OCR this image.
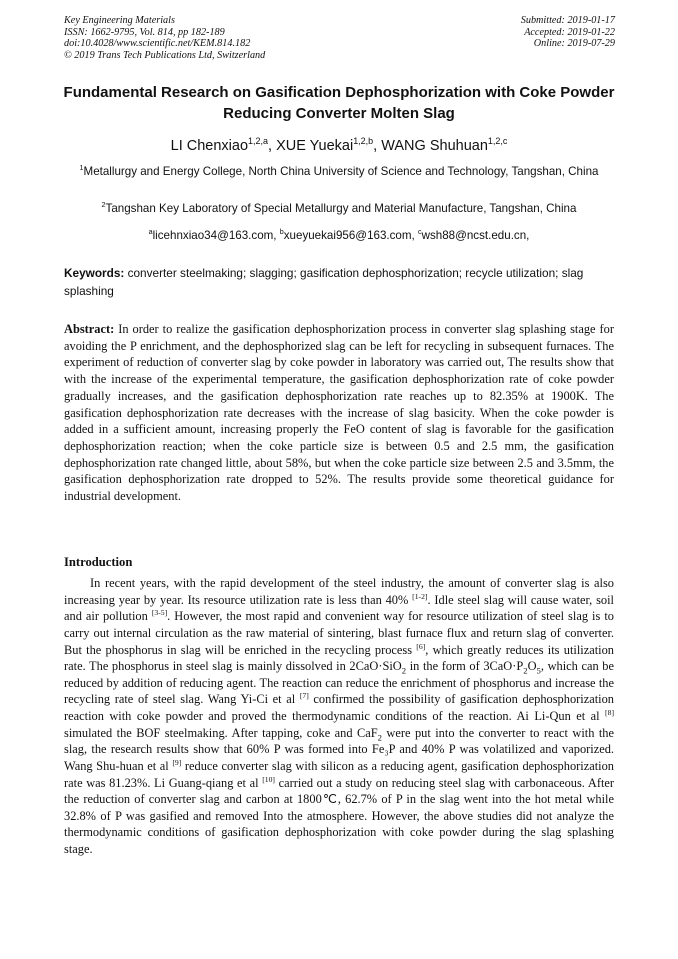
Key Engineering Materials
ISSN: 1662-9795, Vol. 814, pp 182-189
doi:10.4028/www.scientific.net/KEM.814.182
© 2019 Trans Tech Publications Ltd, Switzerland
Submitted: 2019-01-17
Accepted: 2019-01-22
Online: 2019-07-29
Fundamental Research on Gasification Dephosphorization with Coke Powder Reducing Converter Molten Slag
LI Chenxiao$^{1,2,a}$, XUE Yuekai$^{1,2,b}$, WANG Shuhuan$^{1,2,c}$
$^1$Metallurgy and Energy College, North China University of Science and Technology, Tangshan, China
$^2$Tangshan Key Laboratory of Special Metallurgy and Material Manufacture, Tangshan, China
$^a$licehnxiao34@163.com, $^b$xueyuekai956@163.com, $^c$wsh88@ncst.edu.cn,
Keywords: converter steelmaking; slagging; gasification dephosphorization; recycle utilization; slag splashing
Abstract: In order to realize the gasification dephosphorization process in converter slag splashing stage for avoiding the P enrichment, and the dephosphorized slag can be left for recycling in subsequent furnaces. The experiment of reduction of converter slag by coke powder in laboratory was carried out, The results show that with the increase of the experimental temperature, the gasification dephosphorization rate of coke powder gradually increases, and the gasification dephosphorization rate reaches up to 82.35% at 1900K. The gasification dephosphorization rate decreases with the increase of slag basicity. When the coke powder is added in a sufficient amount, increasing properly the FeO content of slag is favorable for the gasification dephosphorization reaction; when the coke particle size is between 0.5 and 2.5 mm, the gasification dephosphorization rate changed little, about 58%, but when the coke particle size between 2.5 and 3.5mm, the gasification dephosphorization rate dropped to 52%. The results provide some theoretical guidance for industrial development.
Introduction
In recent years, with the rapid development of the steel industry, the amount of converter slag is also increasing year by year. Its resource utilization rate is less than 40% [1-2]. Idle steel slag will cause water, soil and air pollution [3-5]. However, the most rapid and convenient way for resource utilization of steel slag is to carry out internal circulation as the raw material of sintering, blast furnace flux and return slag of converter. But the phosphorus in slag will be enriched in the recycling process [6], which greatly reduces its utilization rate. The phosphorus in steel slag is mainly dissolved in 2CaO·SiO$_2$ in the form of $3CaO\cdot P_2O_5$, which can be reduced by addition of reducing agent. The reaction can reduce the enrichment of phosphorus and increase the recycling rate of steel slag. Wang Yi-Ci et al [7] confirmed the possibility of gasification dephosphorization reaction with coke powder and proved the thermodynamic conditions of the reaction. Ai Li-Qun et al [8] simulated the BOF steelmaking. After tapping, coke and CaF$_2$ were put into the converter to react with the slag, the research results show that 60% P was formed into Fe₃P and 40% P was volatilized and vaporized. Wang Shu-huan et al [9] reduce converter slag with silicon as a reducing agent, gasification dephosphorization rate was 81.23%. Li Guang-qiang et al [10] carried out a study on reducing steel slag with carbonaceous. After the reduction of converter slag and carbon at 1800℃, 62.7% of P in the slag went into the hot metal while 32.8% of P was gasified and removed Into the atmosphere. However, the above studies did not analyze the thermodynamic conditions of gasification dephosphorization with coke powder during the slag splashing stage.
